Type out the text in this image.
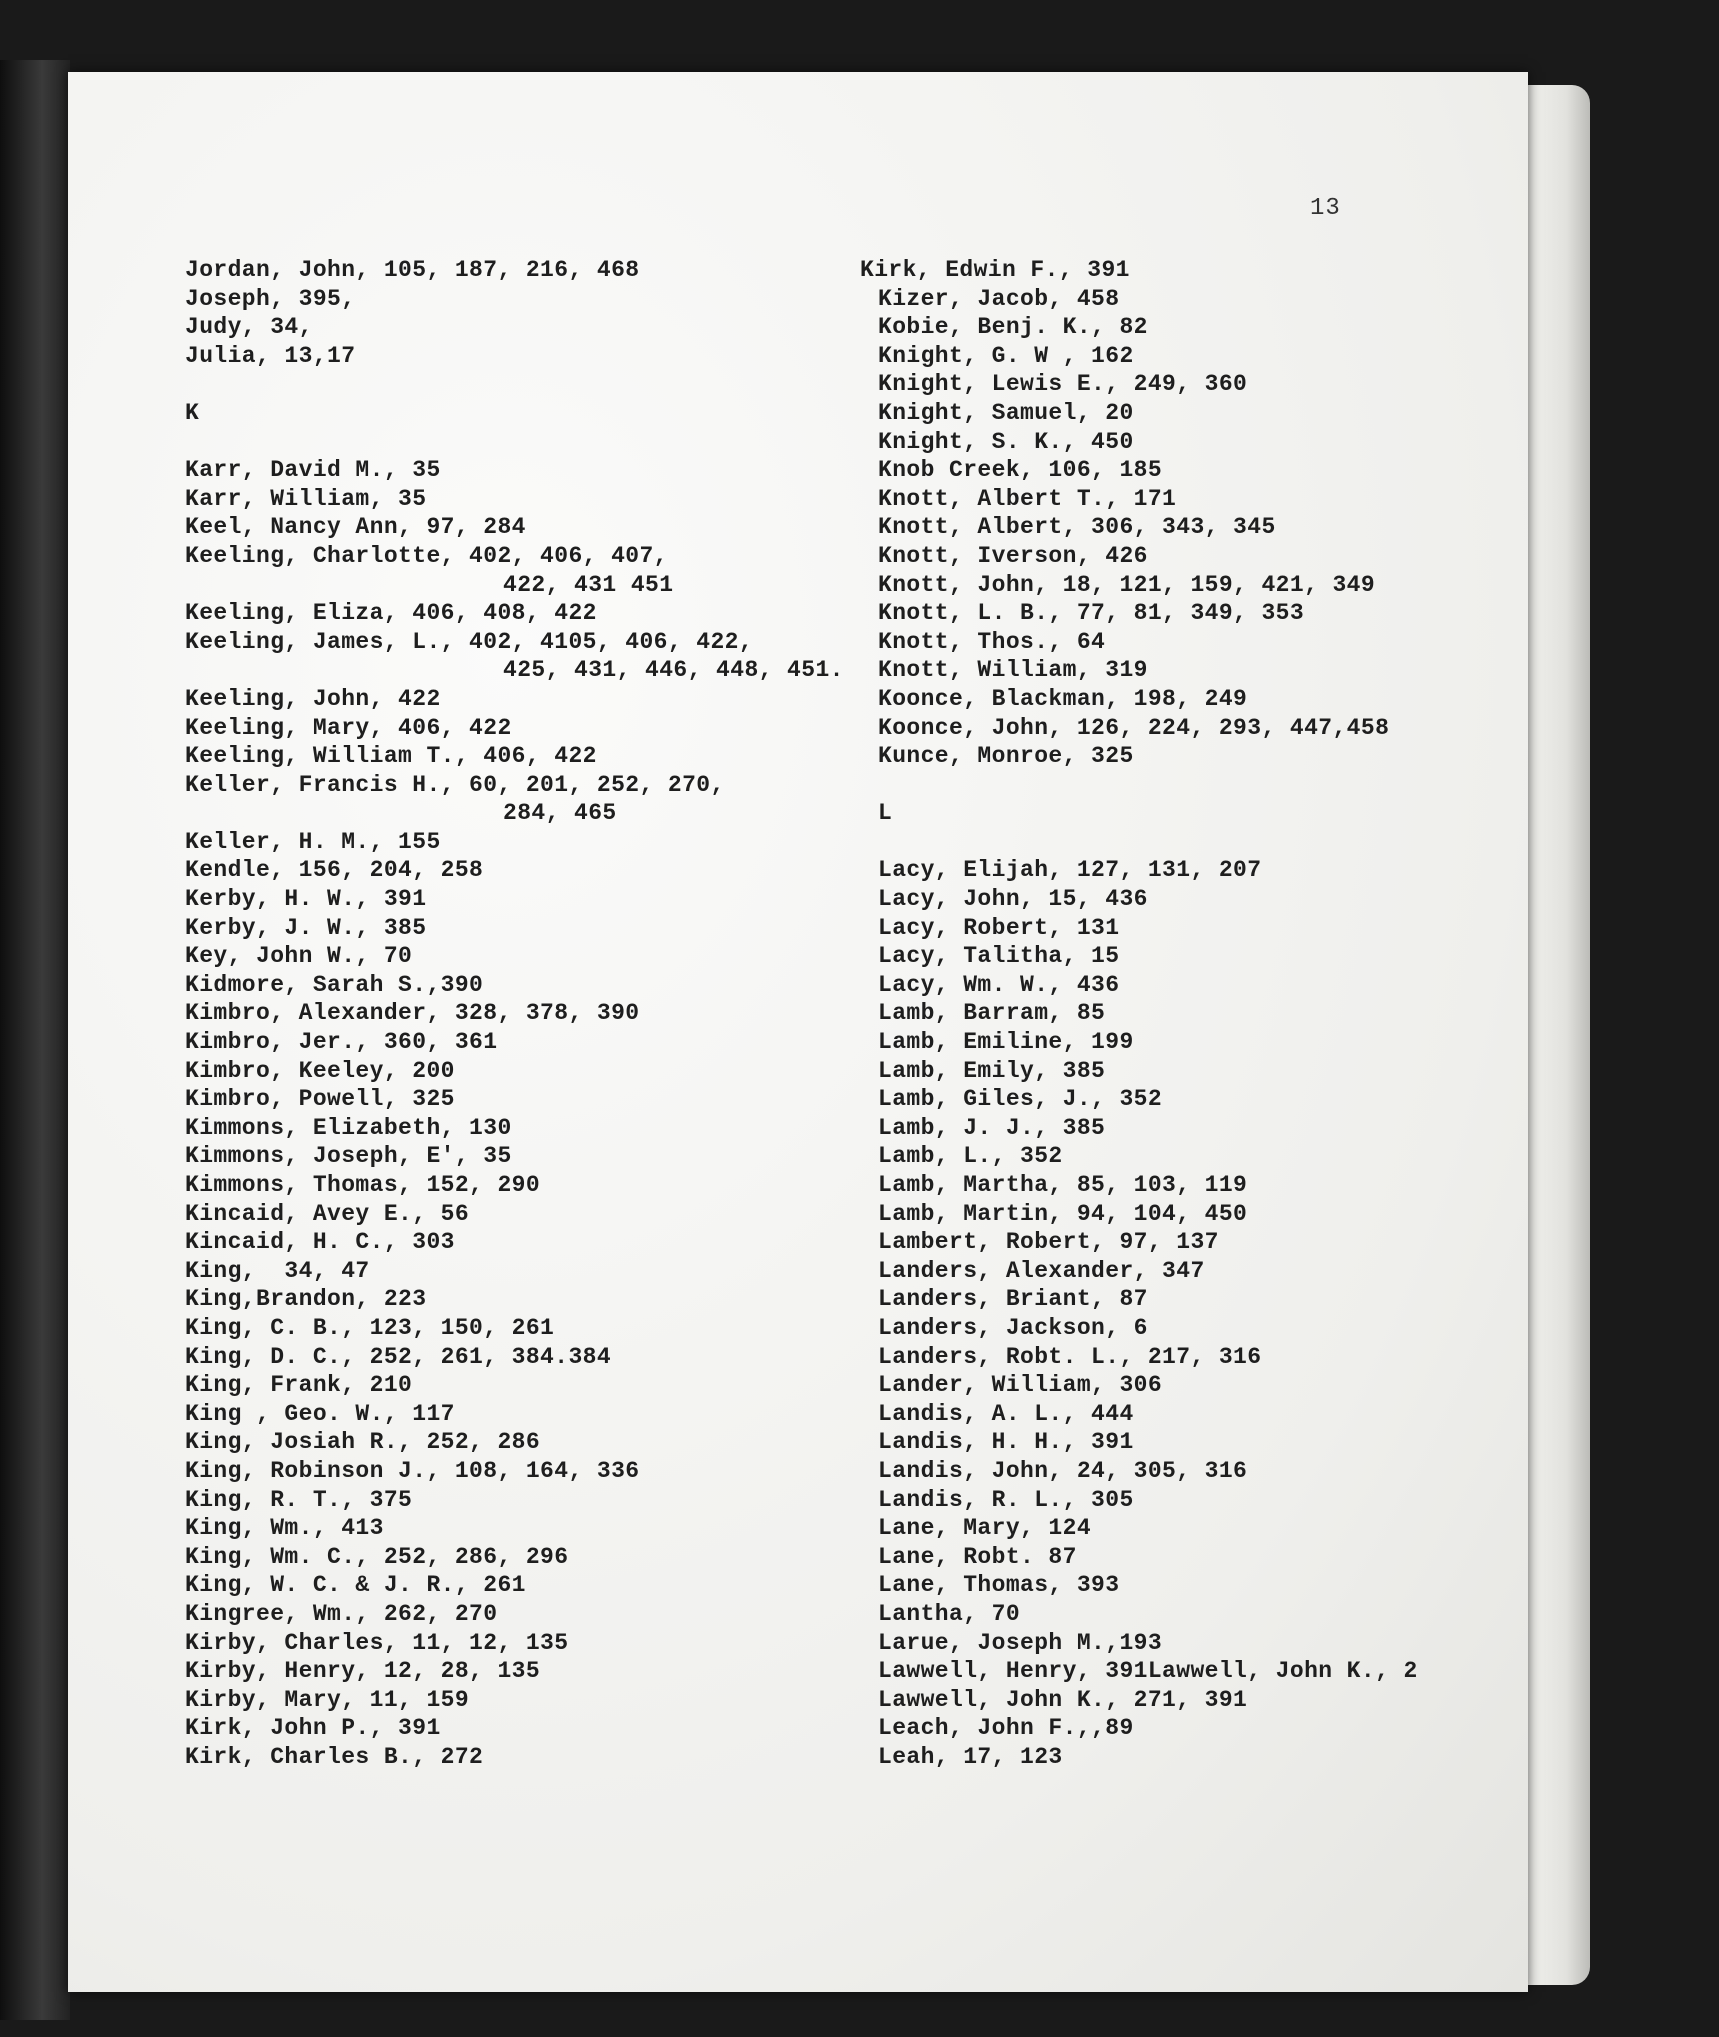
13
Jordan, John, 105, 187, 216, 468
Joseph, 395,
Judy, 34,
Julia, 13,17
K
Karr, David M., 35
Karr, William, 35
Keel, Nancy Ann, 97, 284
Keeling, Charlotte, 402, 406, 407,
422, 431 451
Keeling, Eliza, 406, 408, 422
Keeling, James, L., 402, 4105, 406, 422,
425, 431, 446, 448, 451.
Keeling, John, 422
Keeling, Mary, 406, 422
Keeling, William T., 406, 422
Keller, Francis H., 60, 201, 252, 270,
284, 465
Keller, H. M., 155
Kendle, 156, 204, 258
Kerby, H. W., 391
Kerby, J. W., 385
Key, John W., 70
Kidmore, Sarah S.,390
Kimbro, Alexander, 328, 378, 390
Kimbro, Jer., 360, 361
Kimbro, Keeley, 200
Kimbro, Powell, 325
Kimmons, Elizabeth, 130
Kimmons, Joseph, E', 35
Kimmons, Thomas, 152, 290
Kincaid, Avey E., 56
Kincaid, H. C., 303
King,  34, 47
King,Brandon, 223
King, C. B., 123, 150, 261
King, D. C., 252, 261, 384.384
King, Frank, 210
King , Geo. W., 117
King, Josiah R., 252, 286
King, Robinson J., 108, 164, 336
King, R. T., 375
King, Wm., 413
King, Wm. C., 252, 286, 296
King, W. C. & J. R., 261
Kingree, Wm., 262, 270
Kirby, Charles, 11, 12, 135
Kirby, Henry, 12, 28, 135
Kirby, Mary, 11, 159
Kirk, John P., 391
Kirk, Charles B., 272
Kirk, Edwin F., 391
Kizer, Jacob, 458
Kobie, Benj. K., 82
Knight, G. W , 162
Knight, Lewis E., 249, 360
Knight, Samuel, 20
Knight, S. K., 450
Knob Creek, 106, 185
Knott, Albert T., 171
Knott, Albert, 306, 343, 345
Knott, Iverson, 426
Knott, John, 18, 121, 159, 421, 349
Knott, L. B., 77, 81, 349, 353
Knott, Thos., 64
Knott, William, 319
Koonce, Blackman, 198, 249
Koonce, John, 126, 224, 293, 447,458
Kunce, Monroe, 325
L
Lacy, Elijah, 127, 131, 207
Lacy, John, 15, 436
Lacy, Robert, 131
Lacy, Talitha, 15
Lacy, Wm. W., 436
Lamb, Barram, 85
Lamb, Emiline, 199
Lamb, Emily, 385
Lamb, Giles, J., 352
Lamb, J. J., 385
Lamb, L., 352
Lamb, Martha, 85, 103, 119
Lamb, Martin, 94, 104, 450
Lambert, Robert, 97, 137
Landers, Alexander, 347
Landers, Briant, 87
Landers, Jackson, 6
Landers, Robt. L., 217, 316
Lander, William, 306
Landis, A. L., 444
Landis, H. H., 391
Landis, John, 24, 305, 316
Landis, R. L., 305
Lane, Mary, 124
Lane, Robt. 87
Lane, Thomas, 393
Lantha, 70
Larue, Joseph M.,193
Lawwell, Henry, 391Lawwell, John K., 2
Lawwell, John K., 271, 391
Leach, John F.,,89
Leah, 17, 123
